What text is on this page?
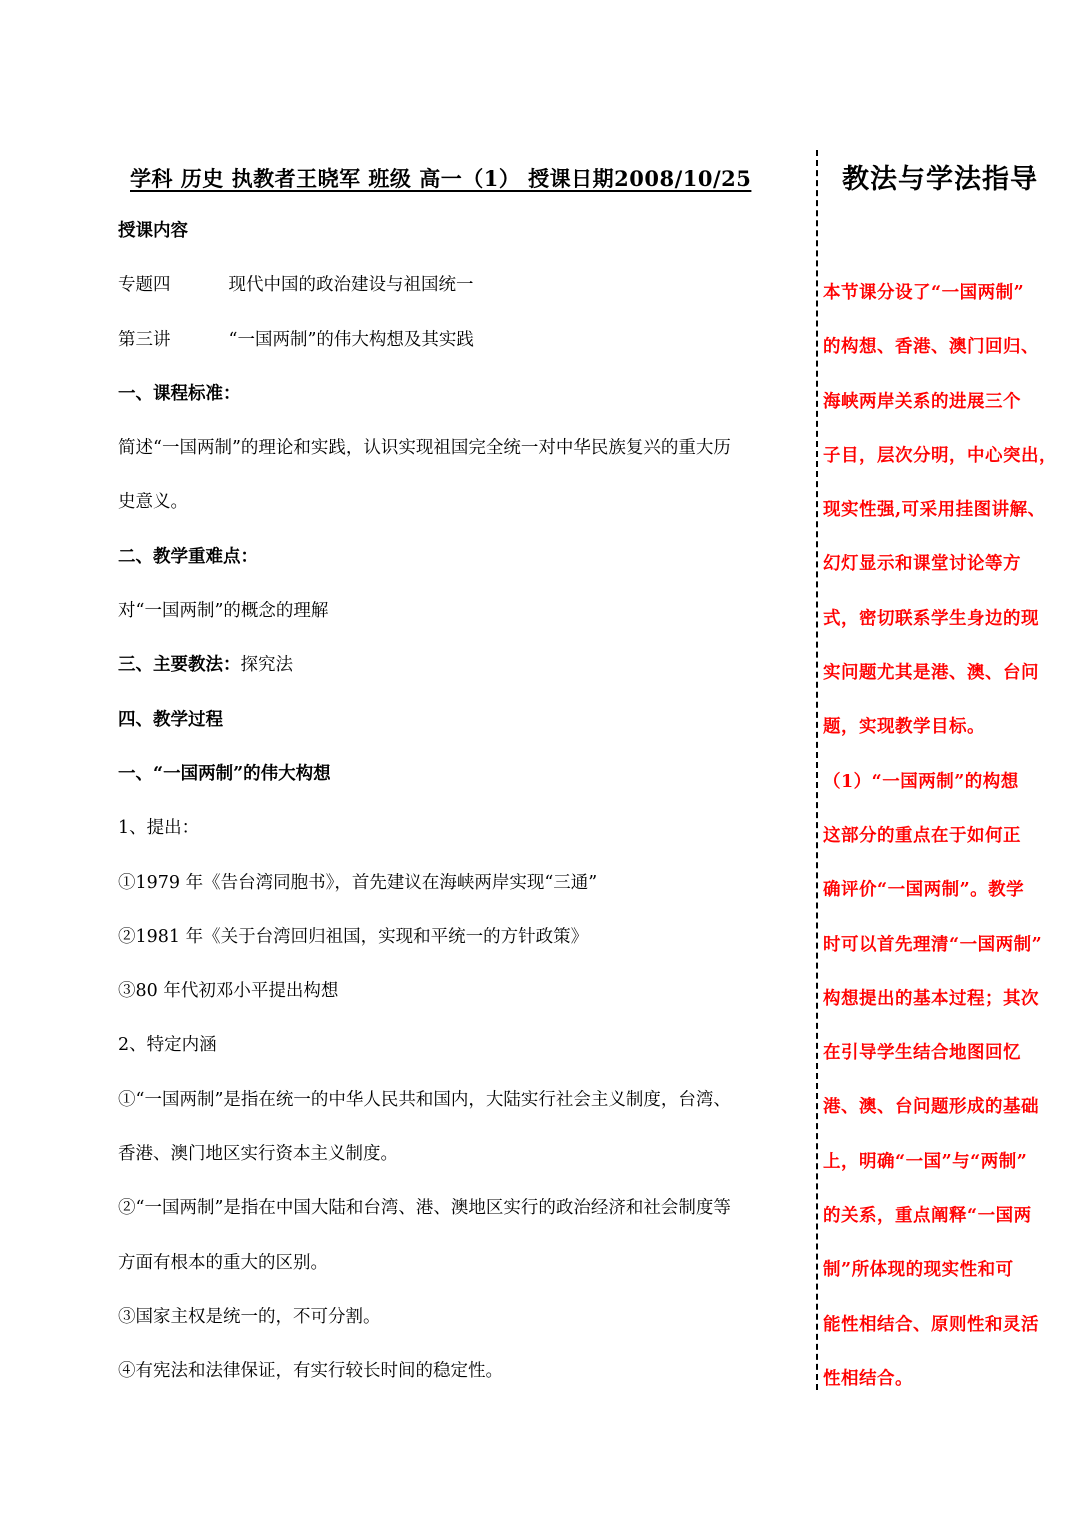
学科 历史 执教者王晓军 班级 高一（1） 授课日期2008/10/25
授课内容
专题四	现代中国的政治建设与祖国统一
第三讲	“一国两制”的伟大构想及其实践
一、课程标准：
简述“一国两制”的理论和实践，认识实现祖国完全统一对中华民族复兴的重大历
史意义。
二、教学重难点：
对“一国两制”的概念的理解
三、主要教法：探究法
四、教学过程
一、“一国两制”的伟大构想
1、提出：
①1979 年《告台湾同胞书》，首先建议在海峡两岸实现“三通”
②1981 年《关于台湾回归祖国，实现和平统一的方针政策》
③80 年代初邓小平提出构想
2、特定内涵
①“一国两制”是指在统一的中华人民共和国内，大陆实行社会主义制度，台湾、
香港、澳门地区实行资本主义制度。
②“一国两制”是指在中国大陆和台湾、港、澳地区实行的政治经济和社会制度等
方面有根本的重大的区别。
③国家主权是统一的，不可分割。
④有宪法和法律保证，有实行较长时间的稳定性。
教法与学法指导
本节课分设了“一国两制”
的构想、香港、澳门回归、
海峡两岸关系的进展三个
子目，层次分明，中心突出，
现实性强,可采用挂图讲解、
幻灯显示和课堂讨论等方
式，密切联系学生身边的现
实问题尤其是港、澳、台问
题，实现教学目标。
（1）“一国两制”的构想
这部分的重点在于如何正
确评价“一国两制”。教学
时可以首先理清“一国两制”
构想提出的基本过程；其次
在引导学生结合地图回忆
港、澳、台问题形成的基础
上，明确“一国”与“两制”
的关系，重点阐释“一国两
制”所体现的现实性和可
能性相结合、原则性和灵活
性相结合。
